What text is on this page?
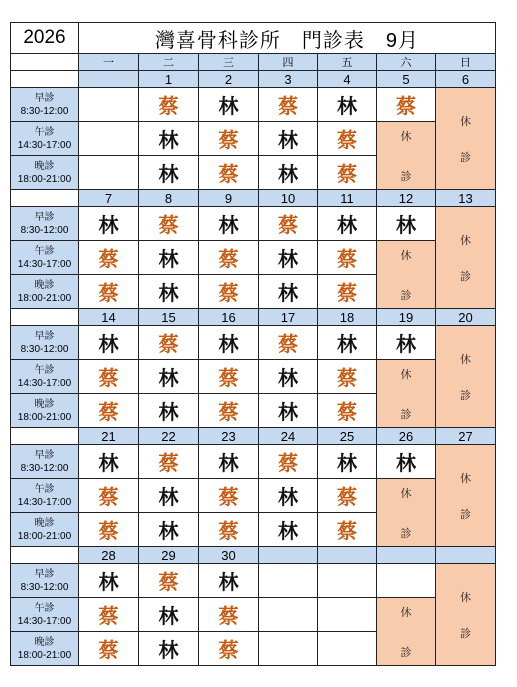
2026	灣喜骨科診所　門診表　9月						
	一	二	三	四	五	六	日
		1	2	3	4	5	6

早診
8:30-12:00		蔡	林	蔡	林	蔡	休
診

午診
14:30-17:00		林	蔡	林	蔡	休
診	

晚診
18:00-21:00		林	蔡	林	蔡		
	7	8	9	10	11	12	13

早診
8:30-12:00	林	蔡	林	蔡	林	林	休
診

午診
14:30-17:00	蔡	林	蔡	林	蔡	休
診	

晚診
18:00-21:00	蔡	林	蔡	林	蔡		
	14	15	16	17	18	19	20

早診
8:30-12:00	林	蔡	林	蔡	林	林	休
診

午診
14:30-17:00	蔡	林	蔡	林	蔡	休
診	

晚診
18:00-21:00	蔡	林	蔡	林	蔡		
	21	22	23	24	25	26	27

早診
8:30-12:00	林	蔡	林	蔡	林	林	休
診

午診
14:30-17:00	蔡	林	蔡	林	蔡	休
診	

晚診
18:00-21:00	蔡	林	蔡	林	蔡		
	28	29	30				

早診
8:30-12:00	林	蔡	林				休
診

午診
14:30-17:00	蔡	林	蔡			休
診	

晚診
18:00-21:00	蔡	林	蔡				
